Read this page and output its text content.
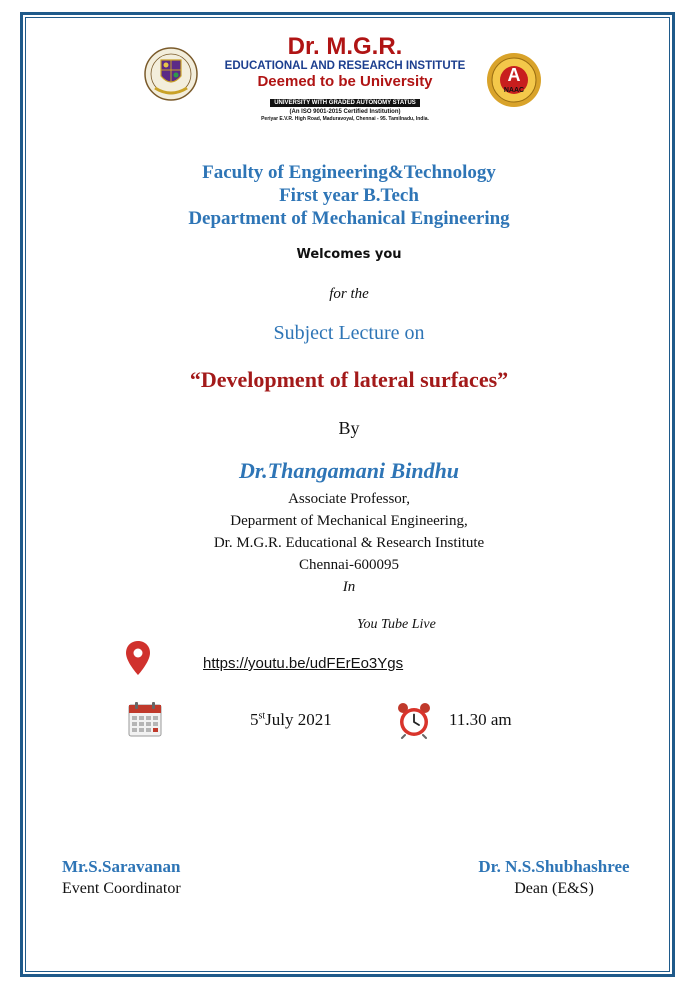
Dr. M.G.R.
EDUCATIONAL AND RESEARCH INSTITUTE
Deemed to be University
UNIVERSITY WITH GRADED AUTONOMY STATUS
(An ISO 9001-2015 Certified Institution)
Periyar E.V.R. High Road, Maduravoyal, Chennai - 95. Tamilnadu, India.
A
NAAC
Faculty of Engineering&Technology
First year B.Tech
Department of Mechanical Engineering
Welcomes you
for the
Subject Lecture on
“Development of lateral surfaces”
By
Dr.Thangamani Bindhu
Associate Professor,
Deparment of Mechanical Engineering,
Dr. M.G.R. Educational & Research Institute
Chennai-600095
In
You Tube Live
https://youtu.be/udFErEo3Ygs
5stJuly 2021	11.30 am
Mr.S.Saravanan
Event Coordinator
Dr. N.S.Shubhashree
Dean (E&S)
